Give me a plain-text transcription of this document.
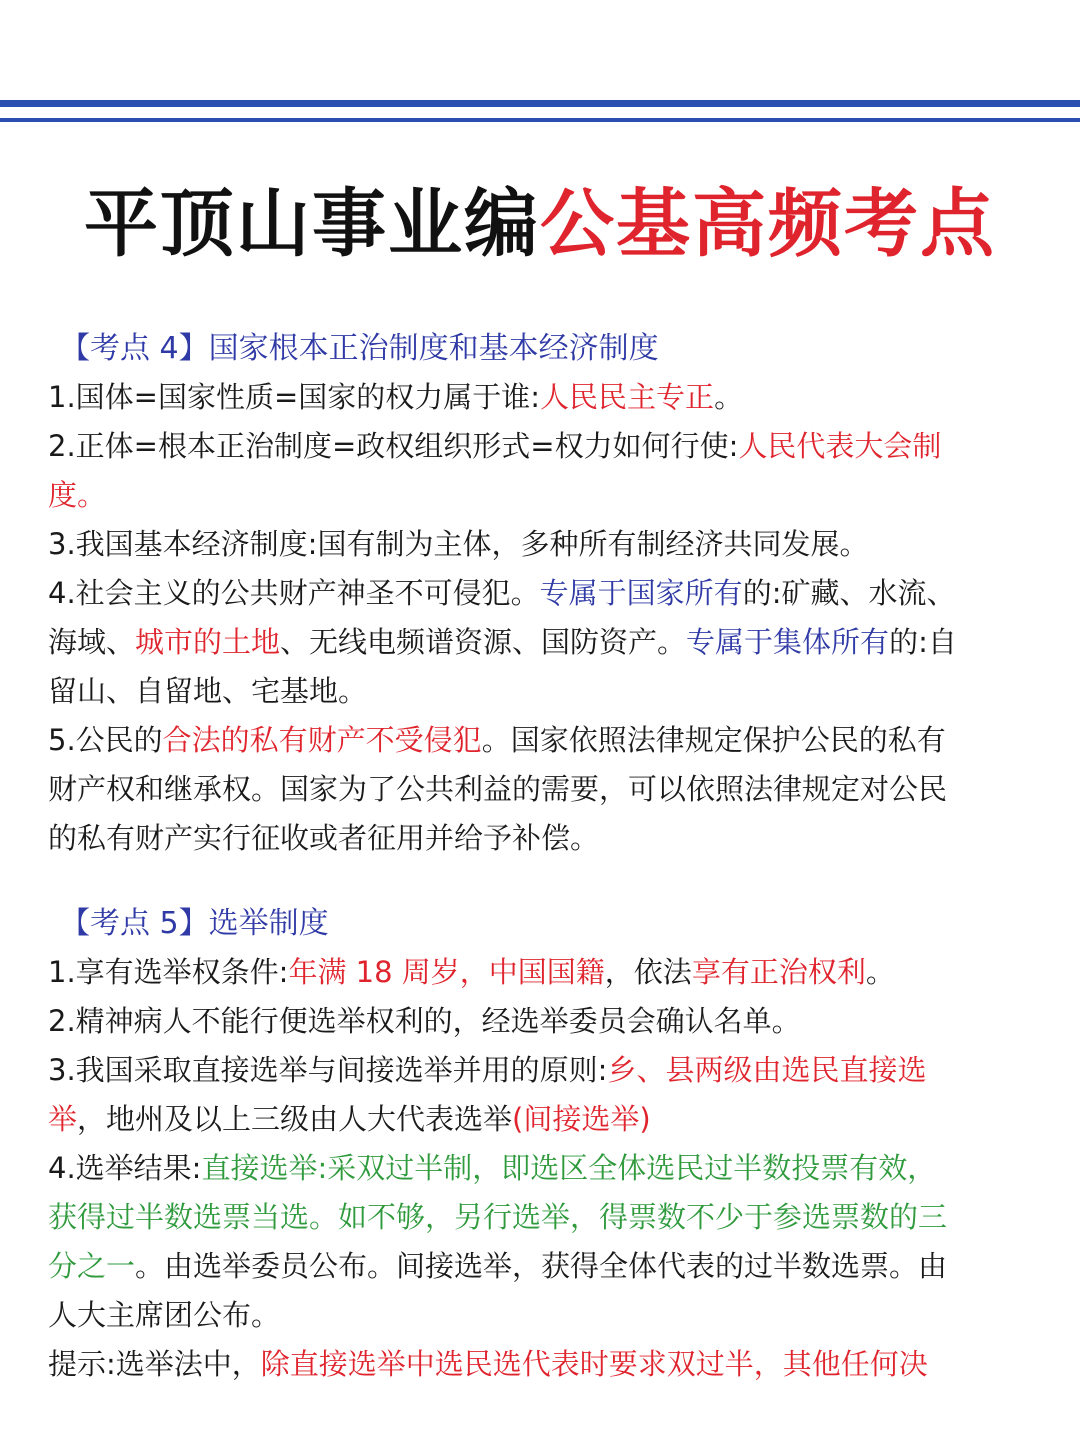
平顶山事业编公基高频考点
【考点 4】国家根本正治制度和基本经济制度

1.国体=国家性质=国家的权力属于谁:人民民主专正。

2.正体=根本正治制度=政权组织形式=权力如何行使:人民代表大会制

度。

3.我国基本经济制度:国有制为主体，多种所有制经济共同发展。

4.社会主义的公共财产神圣不可侵犯。专属于国家所有的:矿藏、水流、

海域、城市的土地、无线电频谱资源、国防资产。专属于集体所有的:自

留山、自留地、宅基地。

5.公民的合法的私有财产不受侵犯。国家依照法律规定保护公民的私有

财产权和继承权。国家为了公共利益的需要，可以依照法律规定对公民

的私有财产实行征收或者征用并给予补偿。

【考点 5】选举制度

1.享有选举权条件:年满 18 周岁，中国国籍，依法享有正治权利。

2.精神病人不能行便选举权利的，经选举委员会确认名单。

3.我国采取直接选举与间接选举并用的原则:乡、县两级由选民直接选

举，地州及以上三级由人大代表选举(间接选举)

4.选举结果:直接选举:采双过半制，即选区全体选民过半数投票有效，

获得过半数选票当选。如不够，另行选举，得票数不少于参选票数的三

分之一。由选举委员公布。间接选举，获得全体代表的过半数选票。由

人大主席团公布。

提示:选举法中，除直接选举中选民选代表时要求双过半，其他任何决
